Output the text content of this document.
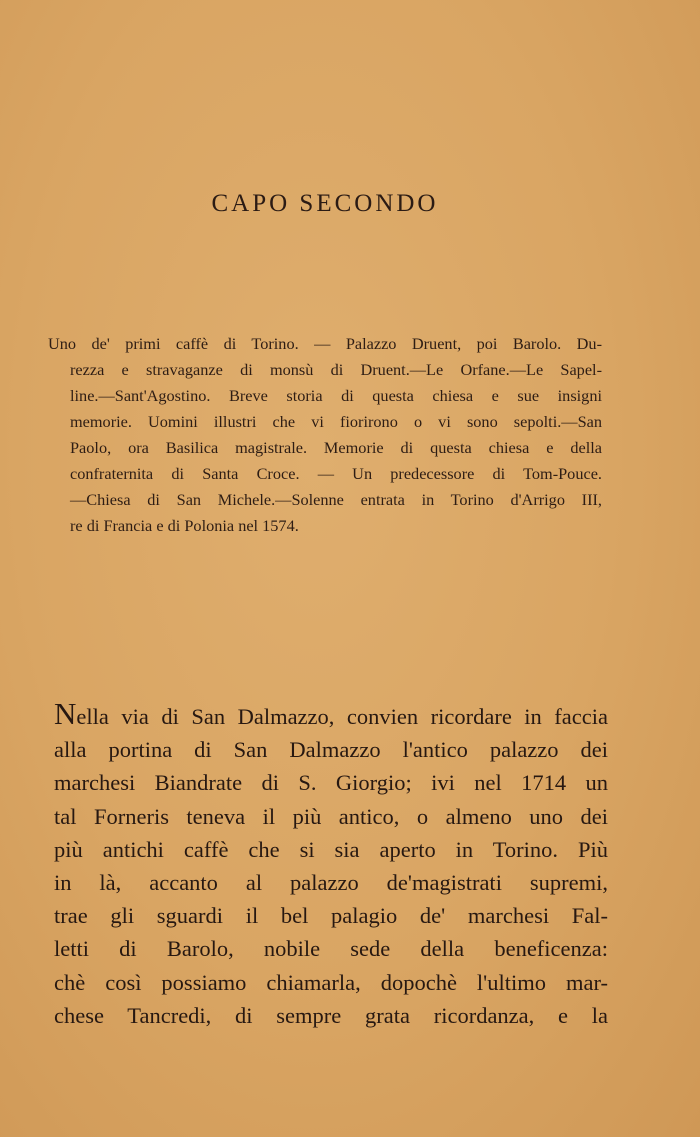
CAPO SECONDO
Uno de' primi caffè di Torino. — Palazzo Druent, poi Barolo. Du-
rezza e stravaganze di monsù di Druent.—Le Orfane.—Le Sapel-
line.—Sant'Agostino. Breve storia di questa chiesa e sue insigni
memorie. Uomini illustri che vi fiorirono o vi sono sepolti.—San
Paolo, ora Basilica magistrale. Memorie di questa chiesa e della
confraternita di Santa Croce. — Un predecessore di Tom-Pouce.
—Chiesa di San Michele.—Solenne entrata in Torino d'Arrigo III,
re di Francia e di Polonia nel 1574.
Nella via di San Dalmazzo, convien ricordare in faccia
alla portina di San Dalmazzo l'antico palazzo dei
marchesi Biandrate di S. Giorgio; ivi nel 1714 un
tal Forneris teneva il più antico, o almeno uno dei
più antichi caffè che si sia aperto in Torino. Più
in là, accanto al palazzo de'magistrati supremi,
trae gli sguardi il bel palagio de' marchesi Fal-
letti di Barolo, nobile sede della beneficenza:
chè così possiamo chiamarla, dopochè l'ultimo mar-
chese Tancredi, di sempre grata ricordanza, e la
